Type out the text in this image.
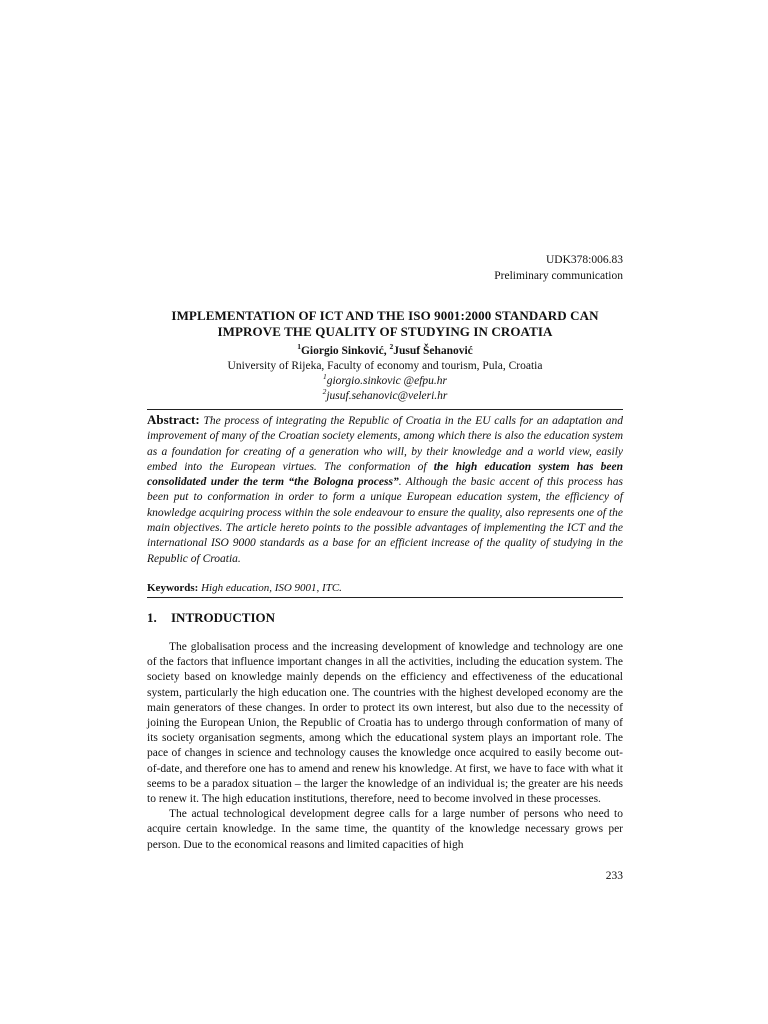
UDK378:006.83
Preliminary communication
IMPLEMENTATION OF ICT AND THE ISO 9001:2000 STANDARD CAN
IMPROVE THE QUALITY OF STUDYING IN CROATIA
$^1$Giorgio Sinković, $^2$Jusuf Šehanović
University of Rijeka, Faculty of economy and tourism, Pula, Croatia
$^1$giorgio.sinkovic @efpu.hr
$^2$jusuf.sehanovic@veleri.hr
Abstract: The process of integrating the Republic of Croatia in the EU calls for an adaptation and improvement of many of the Croatian society elements, among which there is also the education system as a foundation for creating of a generation who will, by their knowledge and a world view, easily embed into the European virtues. The conformation of the high education system has been consolidated under the term “the Bologna process”. Although the basic accent of this process has been put to conformation in order to form a unique European education system, the efficiency of knowledge acquiring process within the sole endeavour to ensure the quality, also represents one of the main objectives. The article hereto points to the possible advantages of implementing the ICT and the international ISO 9000 standards as a base for an efficient increase of the quality of studying in the Republic of Croatia.
Keywords: High education, ISO 9001, ITC.
1. INTRODUCTION

The globalisation process and the increasing development of knowledge and technology are one of the factors that influence important changes in all the activities, including the education system. The society based on knowledge mainly depends on the efficiency and effectiveness of the educational system, particularly the high education one. The countries with the highest developed economy are the main generators of these changes. In order to protect its own interest, but also due to the necessity of joining the European Union, the Republic of Croatia has to undergo through conformation of many of its society organisation segments, among which the educational system plays an important role. The pace of changes in science and technology causes the knowledge once acquired to easily become out-of-date, and therefore one has to amend and renew his knowledge. At first, we have to face with what it seems to be a paradox situation – the larger the knowledge of an individual is; the greater are his needs to renew it. The high education institutions, therefore, need to become involved in these processes.

The actual technological development degree calls for a large number of persons who need to acquire certain knowledge. In the same time, the quantity of the knowledge necessary grows per person. Due to the economical reasons and limited capacities of high

233
